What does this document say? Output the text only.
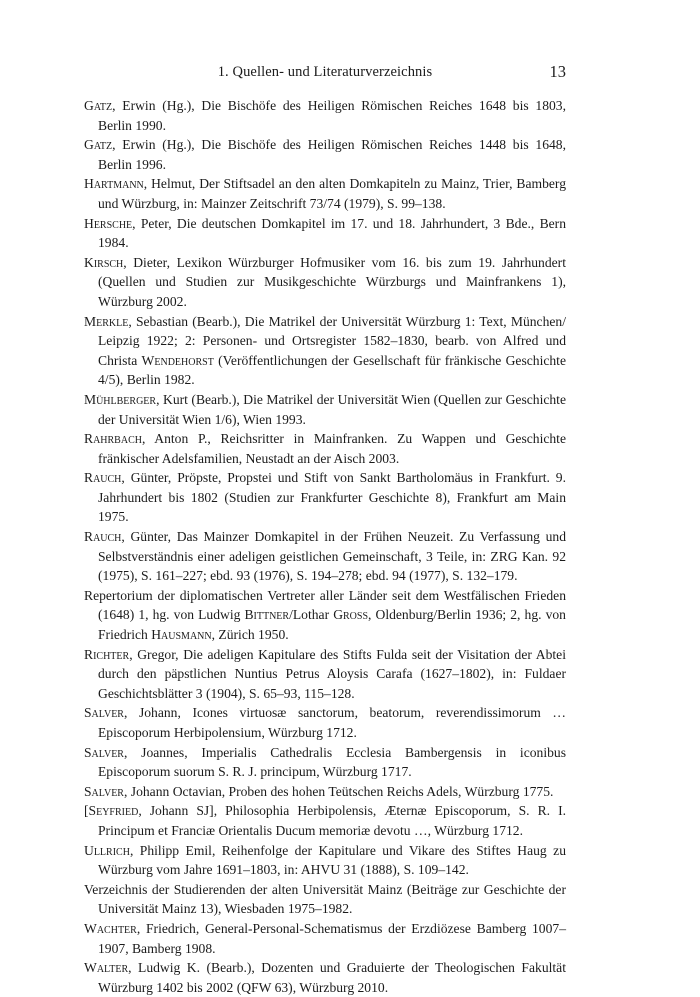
1. Quellen- und Literaturverzeichnis	13

Gatz, Erwin (Hg.), Die Bischöfe des Heiligen Römischen Reiches 1648 bis 1803, Berlin 1990.

Gatz, Erwin (Hg.), Die Bischöfe des Heiligen Römischen Reiches 1448 bis 1648, Berlin 1996.

Hartmann, Helmut, Der Stiftsadel an den alten Domkapiteln zu Mainz, Trier, Bamberg und Würzburg, in: Mainzer Zeitschrift 73/74 (1979), S. 99–138.

Hersche, Peter, Die deutschen Domkapitel im 17. und 18. Jahrhundert, 3 Bde., Bern 1984.

Kirsch, Dieter, Lexikon Würzburger Hofmusiker vom 16. bis zum 19. Jahrhundert (Quellen und Studien zur Musikgeschichte Würzburgs und Mainfrankens 1), Würzburg 2002.

Merkle, Sebastian (Bearb.), Die Matrikel der Universität Würzburg 1: Text, München/ Leipzig 1922; 2: Personen- und Ortsregister 1582–1830, bearb. von Alfred und Christa Wendehorst (Veröffentlichungen der Gesellschaft für fränkische Geschichte 4/5), Berlin 1982.

Mühlberger, Kurt (Bearb.), Die Matrikel der Universität Wien (Quellen zur Geschichte der Universität Wien 1/6), Wien 1993.

Rahrbach, Anton P., Reichsritter in Mainfranken. Zu Wappen und Geschichte fränkischer Adelsfamilien, Neustadt an der Aisch 2003.

Rauch, Günter, Pröpste, Propstei und Stift von Sankt Bartholomäus in Frankfurt. 9. Jahrhundert bis 1802 (Studien zur Frankfurter Geschichte 8), Frankfurt am Main 1975.

Rauch, Günter, Das Mainzer Domkapitel in der Frühen Neuzeit. Zu Verfassung und Selbstverständnis einer adeligen geistlichen Gemeinschaft, 3 Teile, in: ZRG Kan. 92 (1975), S. 161–227; ebd. 93 (1976), S. 194–278; ebd. 94 (1977), S. 132–179.

Repertorium der diplomatischen Vertreter aller Länder seit dem Westfälischen Frieden (1648) 1, hg. von Ludwig Bittner/Lothar Gross, Oldenburg/Berlin 1936; 2, hg. von Friedrich Hausmann, Zürich 1950.

Richter, Gregor, Die adeligen Kapitulare des Stifts Fulda seit der Visitation der Abtei durch den päpstlichen Nuntius Petrus Aloysis Carafa (1627–1802), in: Fuldaer Geschichtsblätter 3 (1904), S. 65–93, 115–128.

Salver, Johann, Icones virtuosæ sanctorum, beatorum, reverendissimorum … Episcoporum Herbipolensium, Würzburg 1712.

Salver, Joannes, Imperialis Cathedralis Ecclesia Bambergensis in iconibus Episcoporum suorum S. R. J. principum, Würzburg 1717.

Salver, Johann Octavian, Proben des hohen Teütschen Reichs Adels, Würzburg 1775.

[Seyfried, Johann SJ], Philosophia Herbipolensis, Æternæ Episcoporum, S. R. I. Principum et Franciæ Orientalis Ducum memoriæ devotu …, Würzburg 1712.

Ullrich, Philipp Emil, Reihenfolge der Kapitulare und Vikare des Stiftes Haug zu Würzburg vom Jahre 1691–1803, in: AHVU 31 (1888), S. 109–142.

Verzeichnis der Studierenden der alten Universität Mainz (Beiträge zur Geschichte der Universität Mainz 13), Wiesbaden 1975–1982.

Wachter, Friedrich, General-Personal-Schematismus der Erzdiözese Bamberg 1007–1907, Bamberg 1908.

Walter, Ludwig K. (Bearb.), Dozenten und Graduierte der Theologischen Fakultät Würzburg 1402 bis 2002 (QFW 63), Würzburg 2010.
